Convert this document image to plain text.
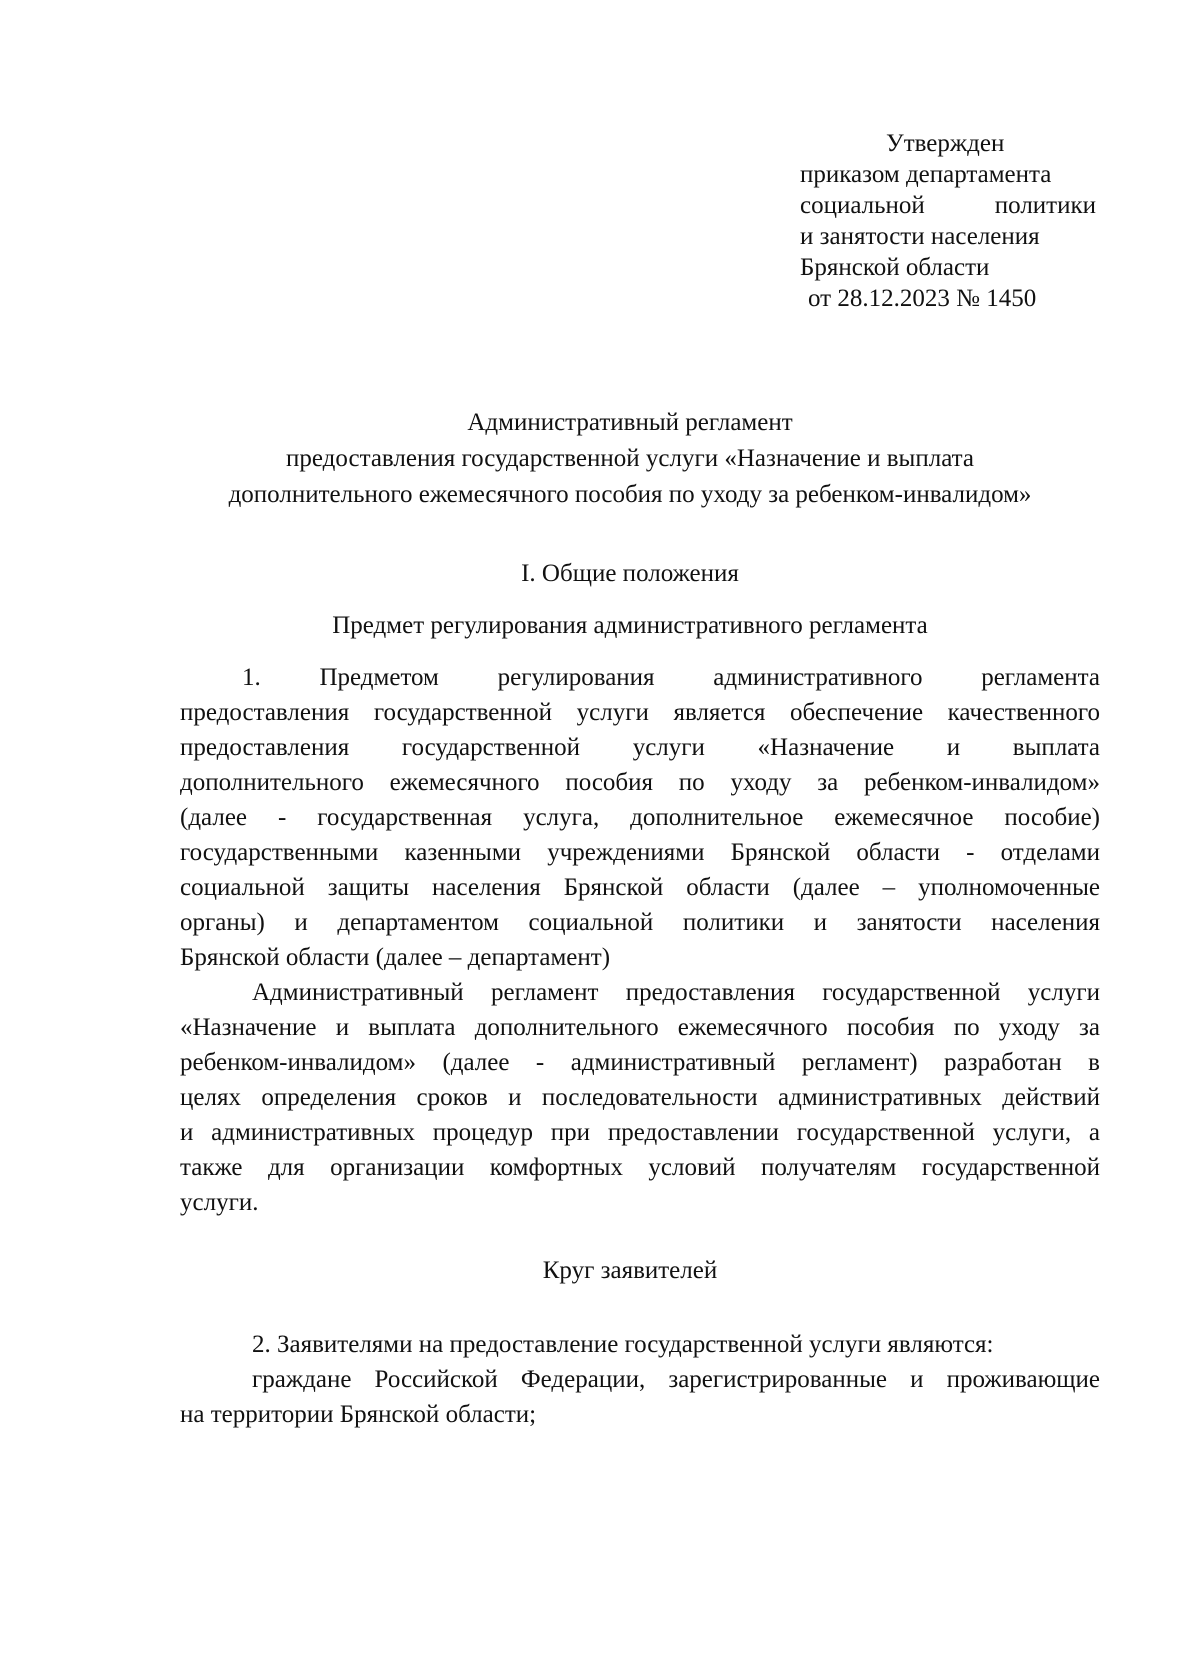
Утвержден
приказом департамента
социальной	политики
и занятости населения
Брянской области
от 28.12.2023 № 1450
Административный регламент
предоставления государственной услуги «Назначение и выплата
дополнительного ежемесячного пособия по уходу за ребенком-инвалидом»
I. Общие положения
Предмет регулирования административного регламента
1. Предметом регулирования административного регламента
предоставления государственной услуги является обеспечение качественного
предоставления государственной услуги «Назначение и выплата
дополнительного ежемесячного пособия по уходу за ребенком-инвалидом»
(далее - государственная услуга, дополнительное ежемесячное пособие)
государственными казенными учреждениями Брянской области - отделами
социальной защиты населения Брянской области (далее – уполномоченные
органы) и департаментом социальной политики и занятости населения
Брянской области (далее – департамент)
Административный регламент предоставления государственной услуги
«Назначение и выплата дополнительного ежемесячного пособия по уходу за
ребенком-инвалидом» (далее - административный регламент) разработан в
целях определения сроков и последовательности административных действий
и административных процедур при предоставлении государственной услуги, а
также для организации комфортных условий получателям государственной
услуги.
Круг заявителей
2. Заявителями на предоставление государственной услуги являются:
граждане Российской Федерации, зарегистрированные и проживающие
на территории Брянской области;
